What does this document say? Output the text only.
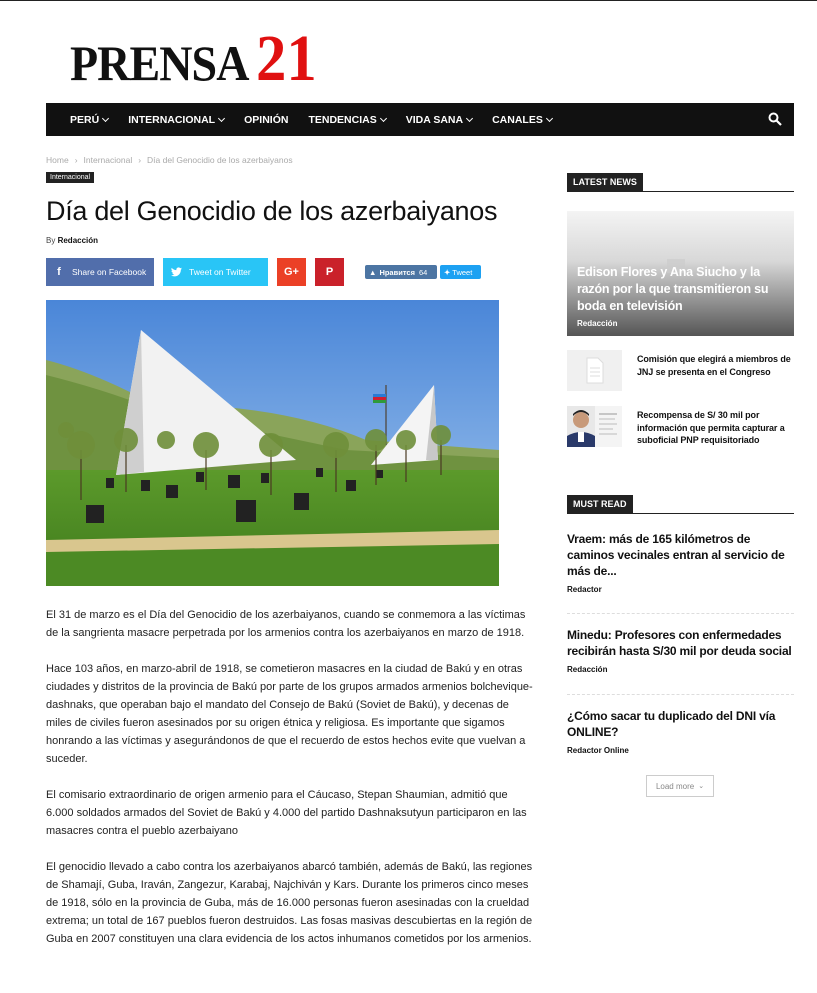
PRENSA 21
PERÚ	INTERNACIONAL	OPINIÓN TENDENCIAS	VIDA SANA	CANALES
Home › Internacional › Día del Genocidio de los azerbaiyanos
Internacional
Día del Genocidio de los azerbaiyanos
By Redacción
f	Share on Facebook	Tweet on Twitter	G+ P	▲ Нравится 64 ✦ Tweet

El 31 de marzo es el Día del Genocidio de los azerbaiyanos, cuando se conmemora a las víctimas de la sangrienta masacre perpetrada por los armenios contra los azerbaiyanos en marzo de 1918.

Hace 103 años, en marzo-abril de 1918, se cometieron masacres en la ciudad de Bakú y en otras ciudades y distritos de la provincia de Bakú por parte de los grupos armados armenios bolchevique-dashnaks, que operaban bajo el mandato del Consejo de Bakú (Soviet de Bakú), y decenas de miles de civiles fueron asesinados por su origen étnica y religiosa. Es importante que sigamos honrando a las víctimas y asegurándonos de que el recuerdo de estos hechos evite que vuelvan a suceder.

El comisario extraordinario de origen armenio para el Cáucaso, Stepan Shaumian, admitió que 6.000 soldados armados del Soviet de Bakú y 4.000 del partido Dashnaksutyun participaron en las masacres contra el pueblo azerbaiyano

El genocidio llevado a cabo contra los azerbaiyanos abarcó también, además de Bakú, las regiones de Shamají, Guba, Iraván, Zangezur, Karabaj, Najchiván y Kars. Durante los primeros cinco meses de 1918, sólo en la provincia de Guba, más de 16.000 personas fueron asesinadas con la crueldad extrema; un total de 167 pueblos fueron destruidos. Las fosas masivas descubiertas en la región de Guba en 2007 constituyen una clara evidencia de los actos inhumanos cometidos por los armenios.

LATEST NEWS
Edison Flores y Ana Siucho y la razón por la que transmitieron su boda en televisión
Redacción
Comisión que elegirá a miembros de JNJ se presenta en el Congreso
Recompensa de S/ 30 mil por información que permita capturar a suboficial PNP requisitoriado
MUST READ
Vraem: más de 165 kilómetros de caminos vecinales entran al servicio de más de...
Redactor
Minedu: Profesores con enfermedades recibirán hasta S/30 mil por deuda social
Redacción
¿Cómo sacar tu duplicado del DNI vía ONLINE?
Redactor Online
Load more ⌄
